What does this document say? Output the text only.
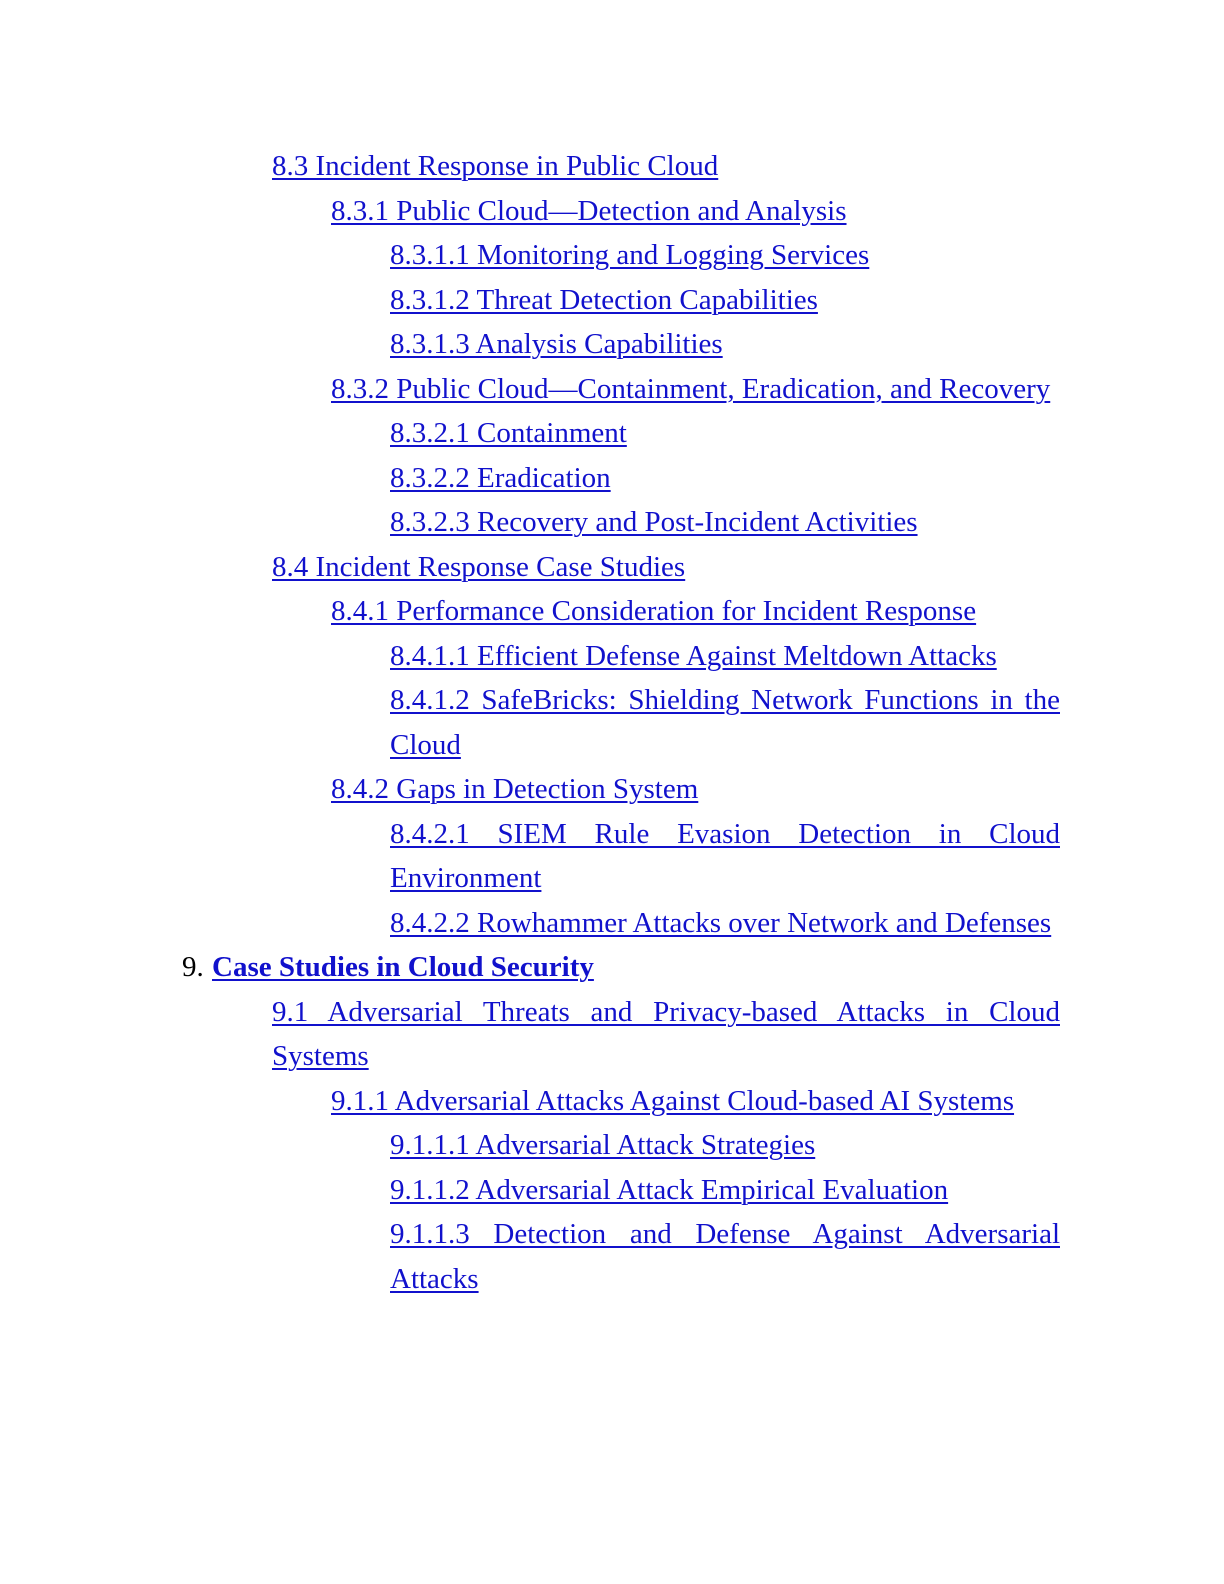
8.3 Incident Response in Public Cloud
8.3.1 Public Cloud—Detection and Analysis
8.3.1.1 Monitoring and Logging Services
8.3.1.2 Threat Detection Capabilities
8.3.1.3 Analysis Capabilities
8.3.2 Public Cloud—Containment, Eradication, and Recovery
8.3.2.1 Containment
8.3.2.2 Eradication
8.3.2.3 Recovery and Post-Incident Activities
8.4 Incident Response Case Studies
8.4.1 Performance Consideration for Incident Response
8.4.1.1 Efficient Defense Against Meltdown Attacks
8.4.1.2 SafeBricks: Shielding Network Functions in the Cloud
8.4.2 Gaps in Detection System
8.4.2.1 SIEM Rule Evasion Detection in Cloud Environment
8.4.2.2 Rowhammer Attacks over Network and Defenses
9. Case Studies in Cloud Security
9.1 Adversarial Threats and Privacy-based Attacks in Cloud Systems
9.1.1 Adversarial Attacks Against Cloud-based AI Systems
9.1.1.1 Adversarial Attack Strategies
9.1.1.2 Adversarial Attack Empirical Evaluation
9.1.1.3 Detection and Defense Against Adversarial Attacks
